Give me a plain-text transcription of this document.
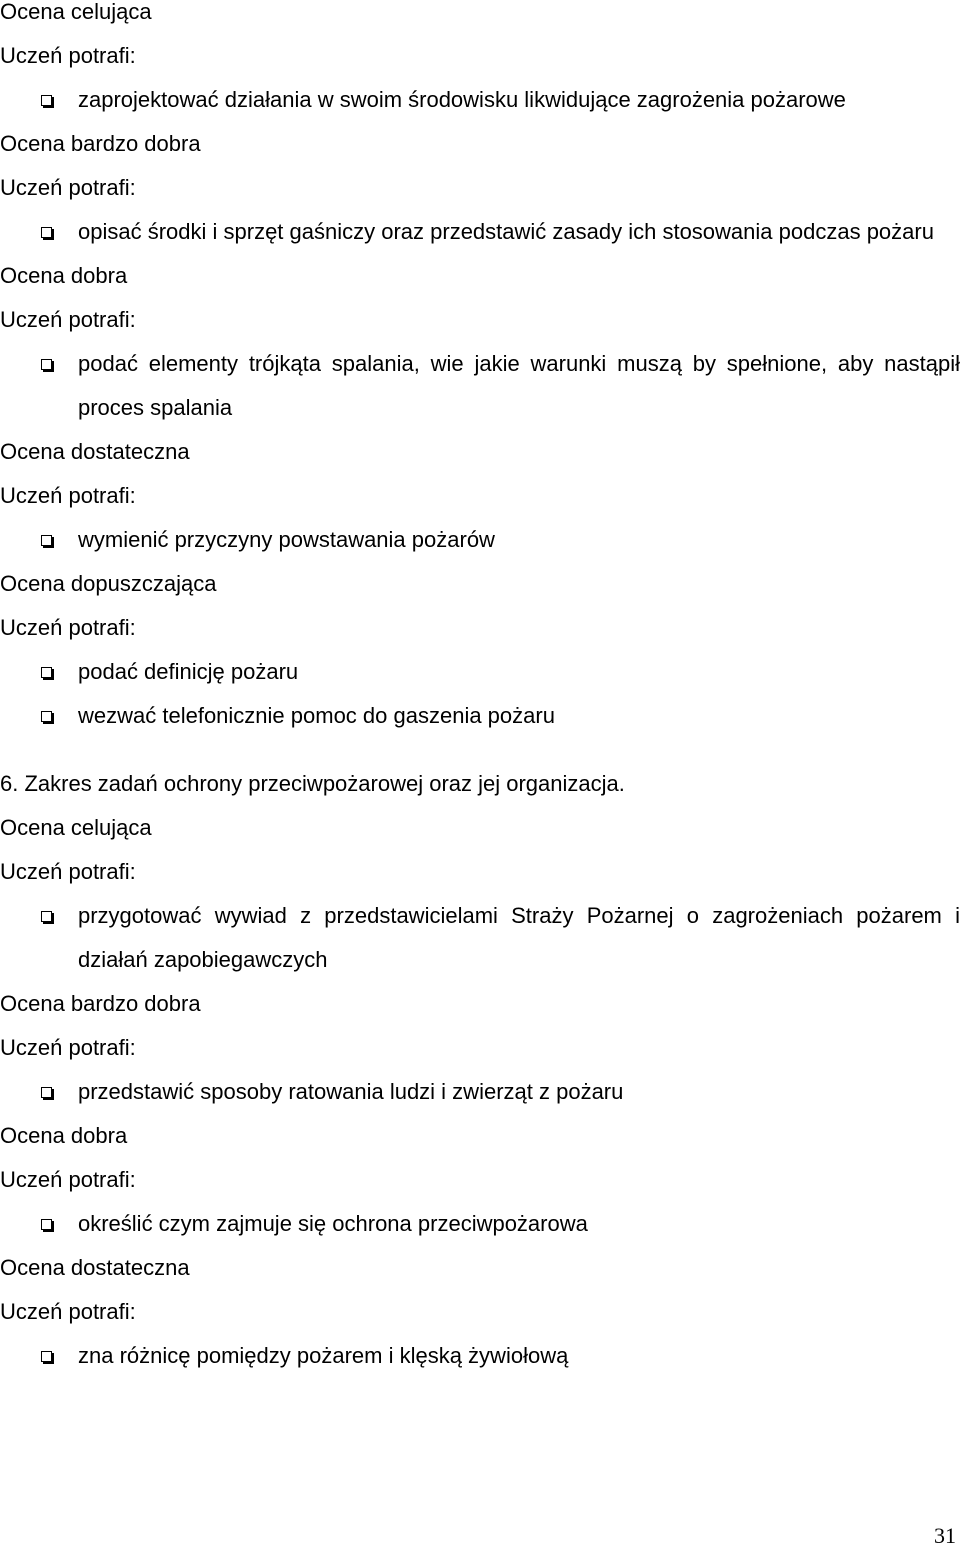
Ocena celująca
Uczeń potrafi:
zaprojektować działania w swoim środowisku likwidujące zagrożenia pożarowe
Ocena bardzo dobra
Uczeń potrafi:
opisać środki i sprzęt gaśniczy oraz przedstawić zasady ich stosowania podczas pożaru
Ocena dobra
Uczeń potrafi:
podać elementy trójkąta spalania, wie jakie warunki muszą by spełnione, aby nastąpił proces spalania
Ocena dostateczna
Uczeń potrafi:
wymienić przyczyny powstawania pożarów
Ocena dopuszczająca
Uczeń potrafi:
podać definicję pożaru
wezwać telefonicznie pomoc do gaszenia pożaru
6. Zakres zadań ochrony przeciwpożarowej oraz jej organizacja.
Ocena celująca
Uczeń potrafi:
przygotować wywiad z przedstawicielami Straży Pożarnej o zagrożeniach pożarem i działań zapobiegawczych
Ocena bardzo dobra
Uczeń potrafi:
przedstawić sposoby ratowania ludzi i zwierząt z pożaru
Ocena dobra
Uczeń potrafi:
określić czym zajmuje się ochrona przeciwpożarowa
Ocena dostateczna
Uczeń potrafi:
zna różnicę pomiędzy pożarem i klęską żywiołową
31
